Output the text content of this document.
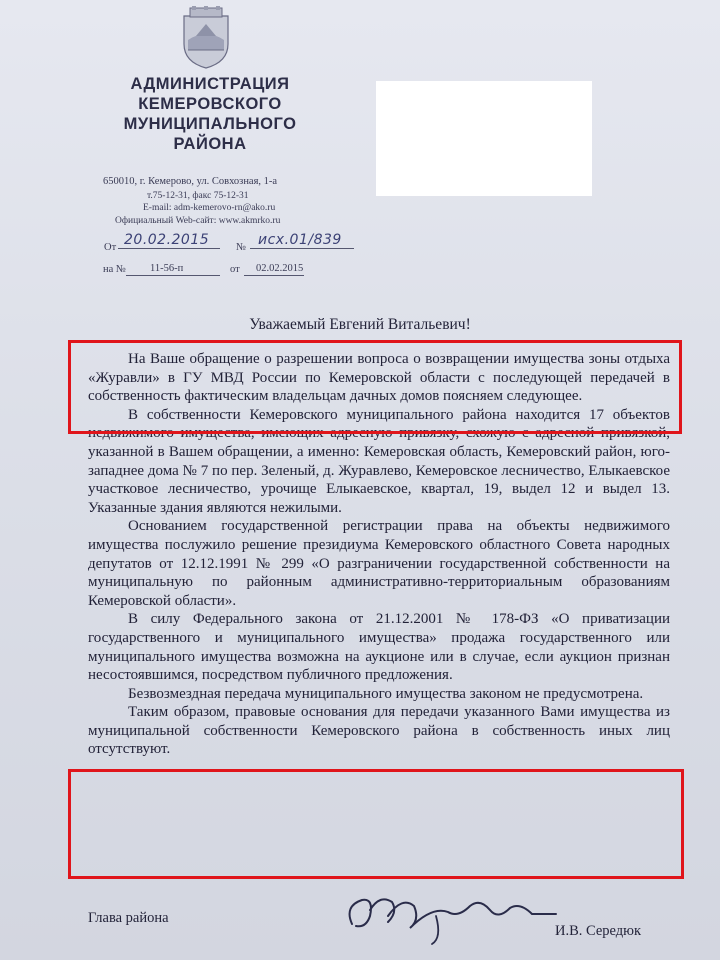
АДМИНИСТРАЦИЯ
КЕМЕРОВСКОГО
МУНИЦИПАЛЬНОГО
РАЙОНА
650010, г. Кемерово, ул. Совхозная, 1-а
т.75-12-31, факс 75-12-31
E-mail: adm-kemerovo-rn@ako.ru
Официальный Web-сайт: www.akmrko.ru
От 20.02.2015	№ исх.01/839
на № 11-56-п	от 02.02.2015
Уважаемый Евгений Витальевич!

На Ваше обращение о разрешении вопроса о возвращении имущества зоны отдыха «Журавли» в ГУ МВД России по Кемеровской области с последующей передачей в собственность фактическим владельцам дачных домов поясняем следующее.

В собственности Кемеровского муниципального района находится 17 объектов недвижимого имущества, имеющих адресную привязку, схожую с адресной привязкой, указанной в Вашем обращении, а именно: Кемеровская область, Кемеровский район, юго-западнее дома № 7 по пер. Зеленый, д. Журавлево, Кемеровское лесничество, Елыкаевское участковое лесничество, урочище Елыкаевское, квартал, 19, выдел 12 и выдел 13. Указанные здания являются нежилыми.

Основанием государственной регистрации права на объекты недвижимого имущества послужило решение президиума Кемеровского областного Совета народных депутатов от 12.12.1991 № 299 «О разграничении государственной собственности на муниципальную по районным административно-территориальным образованиям Кемеровской области».

В силу Федерального закона от 21.12.2001 № 178-ФЗ «О приватизации государственного и муниципального имущества» продажа государственного или муниципального имущества возможна на аукционе или в случае, если аукцион признан несостоявшимся, посредством публичного предложения.

Безвозмездная передача муниципального имущества законом не предусмотрена.

Таким образом, правовые основания для передачи указанного Вами имущества из муниципальной собственности Кемеровского района в собственность иных лиц отсутствуют.

Глава района
И.В. Середюк
